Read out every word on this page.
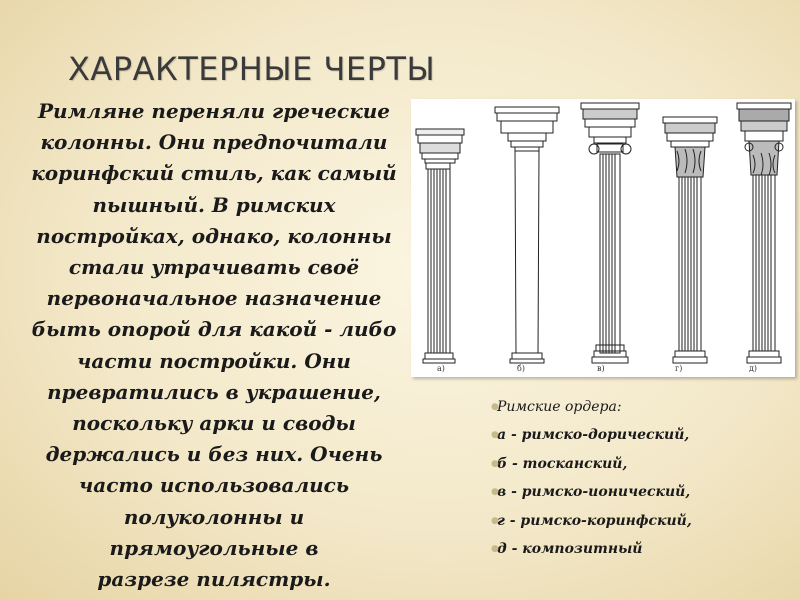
ХАРАКТЕРНЫЕ ЧЕРТЫ
Римляне переняли греческие
колонны. Они предпочитали
коринфский стиль, как самый
пышный. В римских
постройках, однако, колонны
стали утрачивать своё
первоначальное назначение
быть опорой для какой - либо
части постройки. Они
превратились в украшение,
поскольку арки и своды
держались и без них. Очень
часто использовались
полуколонны и прямоугольные в
разрезе пилястры.
а)	б)	в)	г)	д)
●
Римские ордера:
●
а - римско-дорический,
●
б - тосканский,
●
в - римско-ионический,
●
г - римско-коринфский,
●
д - композитный
